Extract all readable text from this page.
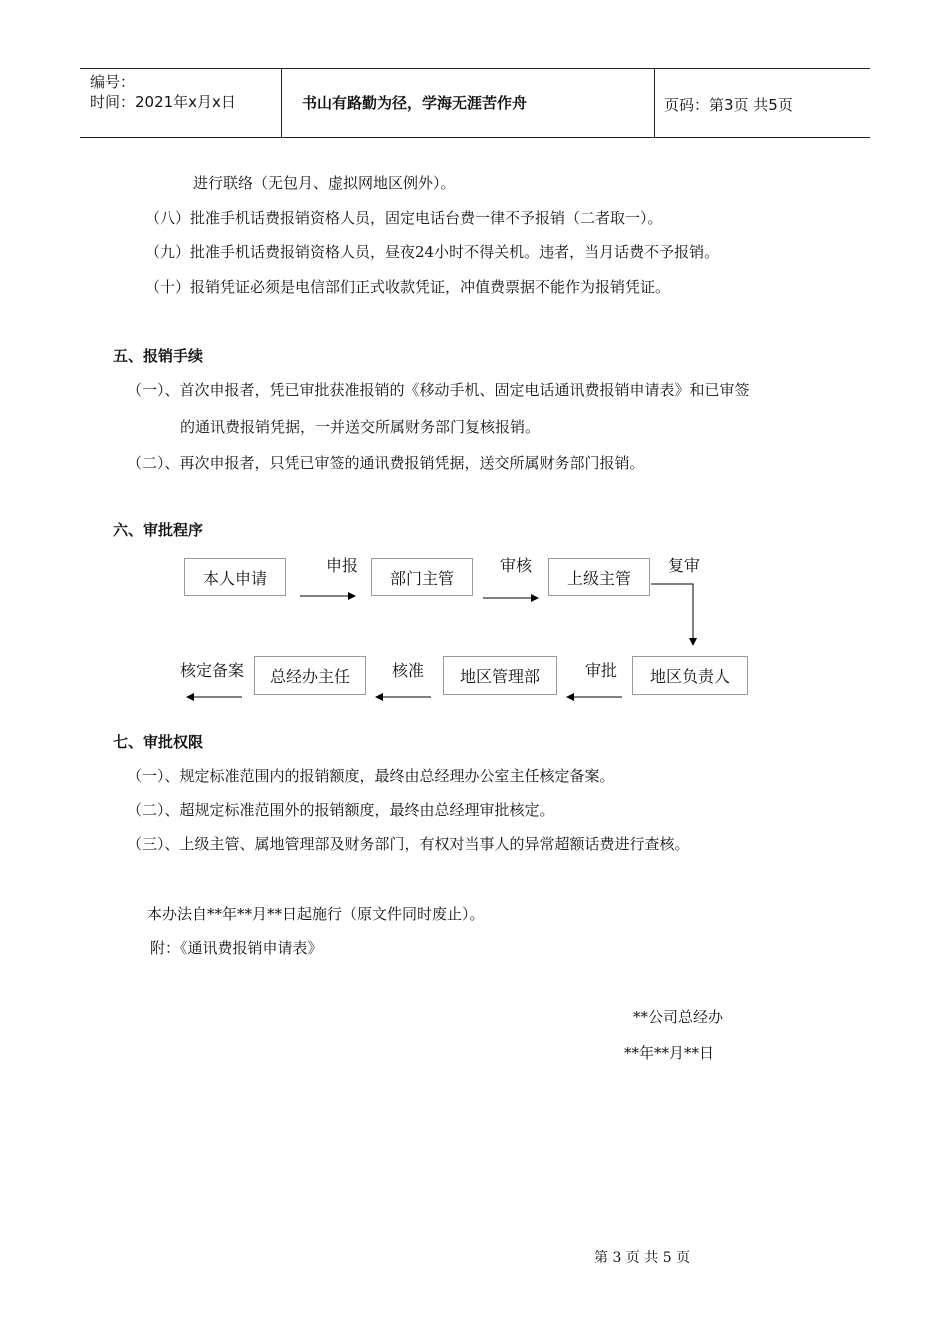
编号：
时间：2021年x月x日	书山有路勤为径，学海无涯苦作舟	页码：第3页 共5页
进行联络（无包月、虚拟网地区例外）。
（八）批准手机话费报销资格人员，固定电话台费一律不予报销（二者取一）。
（九）批准手机话费报销资格人员，昼夜24小时不得关机。违者，当月话费不予报销。
（十）报销凭证必须是电信部们正式收款凭证，冲值费票据不能作为报销凭证。
五、报销手续
（一）、首次申报者，凭已审批获准报销的《移动手机、固定电话通讯费报销申请表》和已审签
的通讯费报销凭据，一并送交所属财务部门复核报销。
（二）、再次申报者，只凭已审签的通讯费报销凭据，送交所属财务部门报销。
六、审批程序
本人申请	部门主管	上级主管
地区负责人
地区管理部
总经办主任
申报	审核	复审
审批
核准
核定备案
七、审批权限
（一）、规定标准范围内的报销额度，最终由总经理办公室主任核定备案。
（二）、超规定标准范围外的报销额度，最终由总经理审批核定。
（三）、上级主管、属地管理部及财务部门，有权对当事人的异常超额话费进行查核。
本办法自**年**月**日起施行（原文件同时废止）。
附：《通讯费报销申请表》
**公司总经办
**年**月**日
第 3 页 共 5 页
